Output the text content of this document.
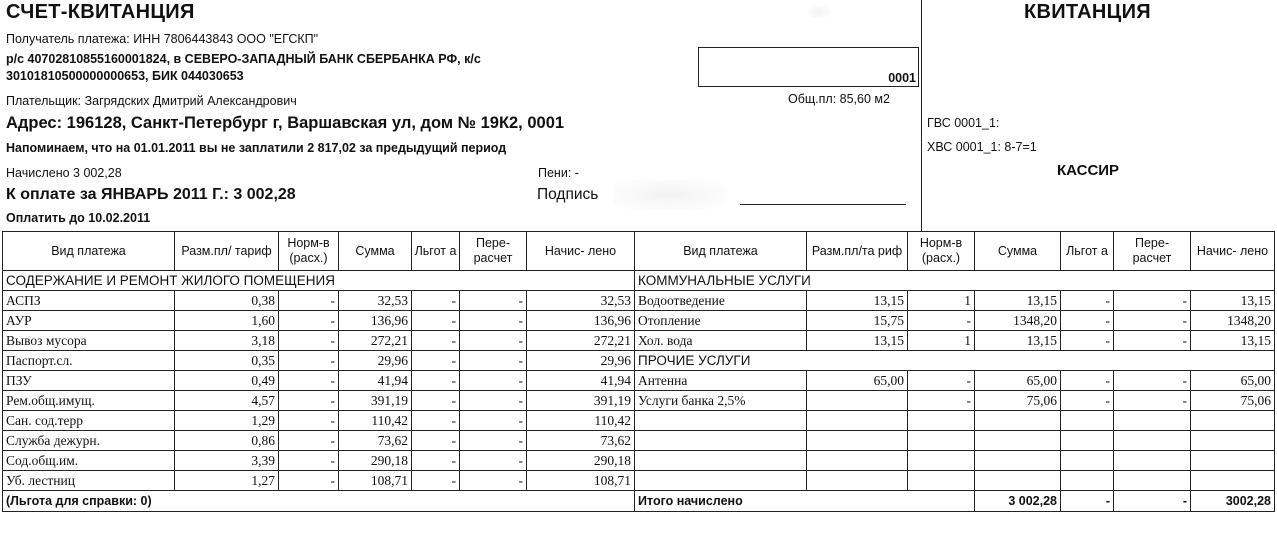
СЧЕТ-КВИТАНЦИЯ
Получатель платежа: ИНН 7806443843 ООО "ЕГСКП"
р/с 40702810855160001824, в СЕВЕРО-ЗАПАДНЫЙ БАНК СБЕРБАНКА РФ, к/с
30101810500000000653, БИК 044030653
Плательщик: Загрядских Дмитрий Александрович
Адрес: 196128, Санкт-Петербург г, Варшавская ул, дом № 19К2, 0001
Напоминаем, что на 01.01.2011 вы не заплатили 2 817,02 за предыдущий период
Начислено 3 002,28	Пени: -
К оплате за ЯНВАРЬ 2011 Г.: 3 002,28	Подпись
Оплатить до 10.02.2011
0001
Общ.пл: 85,60 м2
КВИТАНЦИЯ
ГВС 0001_1:
ХВС 0001_1: 8-7=1
КАССИР
Вид платежа	Разм.пл/ тариф	Норм-в (расх.)	Сумма	Льгот а	Пере- расчет	Начис- лено	Вид платежа	Разм.пл/та риф	Норм-в (расх.)	Сумма	Льгот а	Пере- расчет	Начис- лено
СОДЕРЖАНИЕ И РЕМОНТ ЖИЛОГО ПОМЕЩЕНИЯ							КОММУНАЛЬНЫЕ УСЛУГИ						
АСПЗ	0,38	-	32,53	-	-	32,53	Водоотведение	13,15	1	13,15	-	-	13,15
АУР	1,60	-	136,96	-	-	136,96	Отопление	15,75	-	1348,20	-	-	1348,20
Вывоз мусора	3,18	-	272,21	-	-	272,21	Хол. вода	13,15	1	13,15	-	-	13,15
Паспорт.сл.	0,35	-	29,96	-	-	29,96	ПРОЧИЕ УСЛУГИ						
ПЗУ	0,49	-	41,94	-	-	41,94	Антенна	65,00	-	65,00	-	-	65,00
Рем.общ.имущ.	4,57	-	391,19	-	-	391,19	Услуги банка 2,5%		-	75,06	-	-	75,06
Сан. сод.терр	1,29	-	110,42	-	-	110,42							
Служба дежурн.	0,86	-	73,62	-	-	73,62							
Сод.общ.им.	3,39	-	290,18	-	-	290,18							
Уб. лестниц	1,27	-	108,71	-	-	108,71							
(Льгота для справки: 0)							Итого начислено			3 002,28	-	-	3002,28
